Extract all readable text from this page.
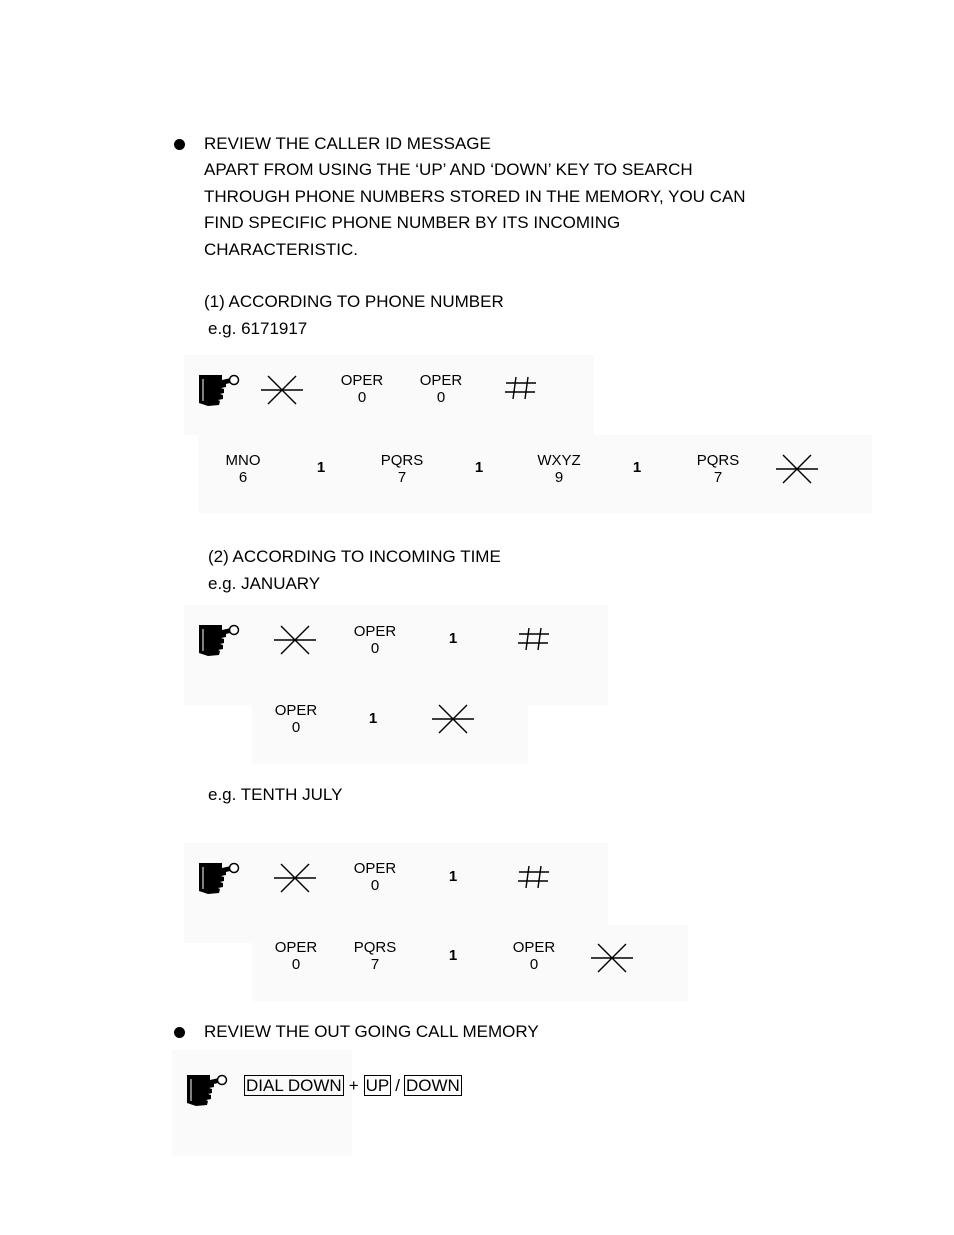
REVIEW THE CALLER ID MESSAGE
APART FROM USING THE ‘UP’ AND ‘DOWN’ KEY TO SEARCH
THROUGH PHONE NUMBERS STORED IN THE MEMORY, YOU CAN
FIND SPECIFIC PHONE NUMBER BY ITS INCOMING
CHARACTERISTIC.
(1) ACCORDING TO PHONE NUMBER
e.g. 6171917
OPER
0
OPER
0
MNO
6
1	PQRS
7
1	WXYZ
9
1	PQRS
7
(2) ACCORDING TO INCOMING TIME
e.g. JANUARY
OPER
0
1
OPER
0
1
e.g. TENTH JULY
OPER
0
1
OPER
0
PQRS
7
1	OPER
0
REVIEW THE OUT GOING CALL MEMORY
DIAL DOWN + UP / DOWN
